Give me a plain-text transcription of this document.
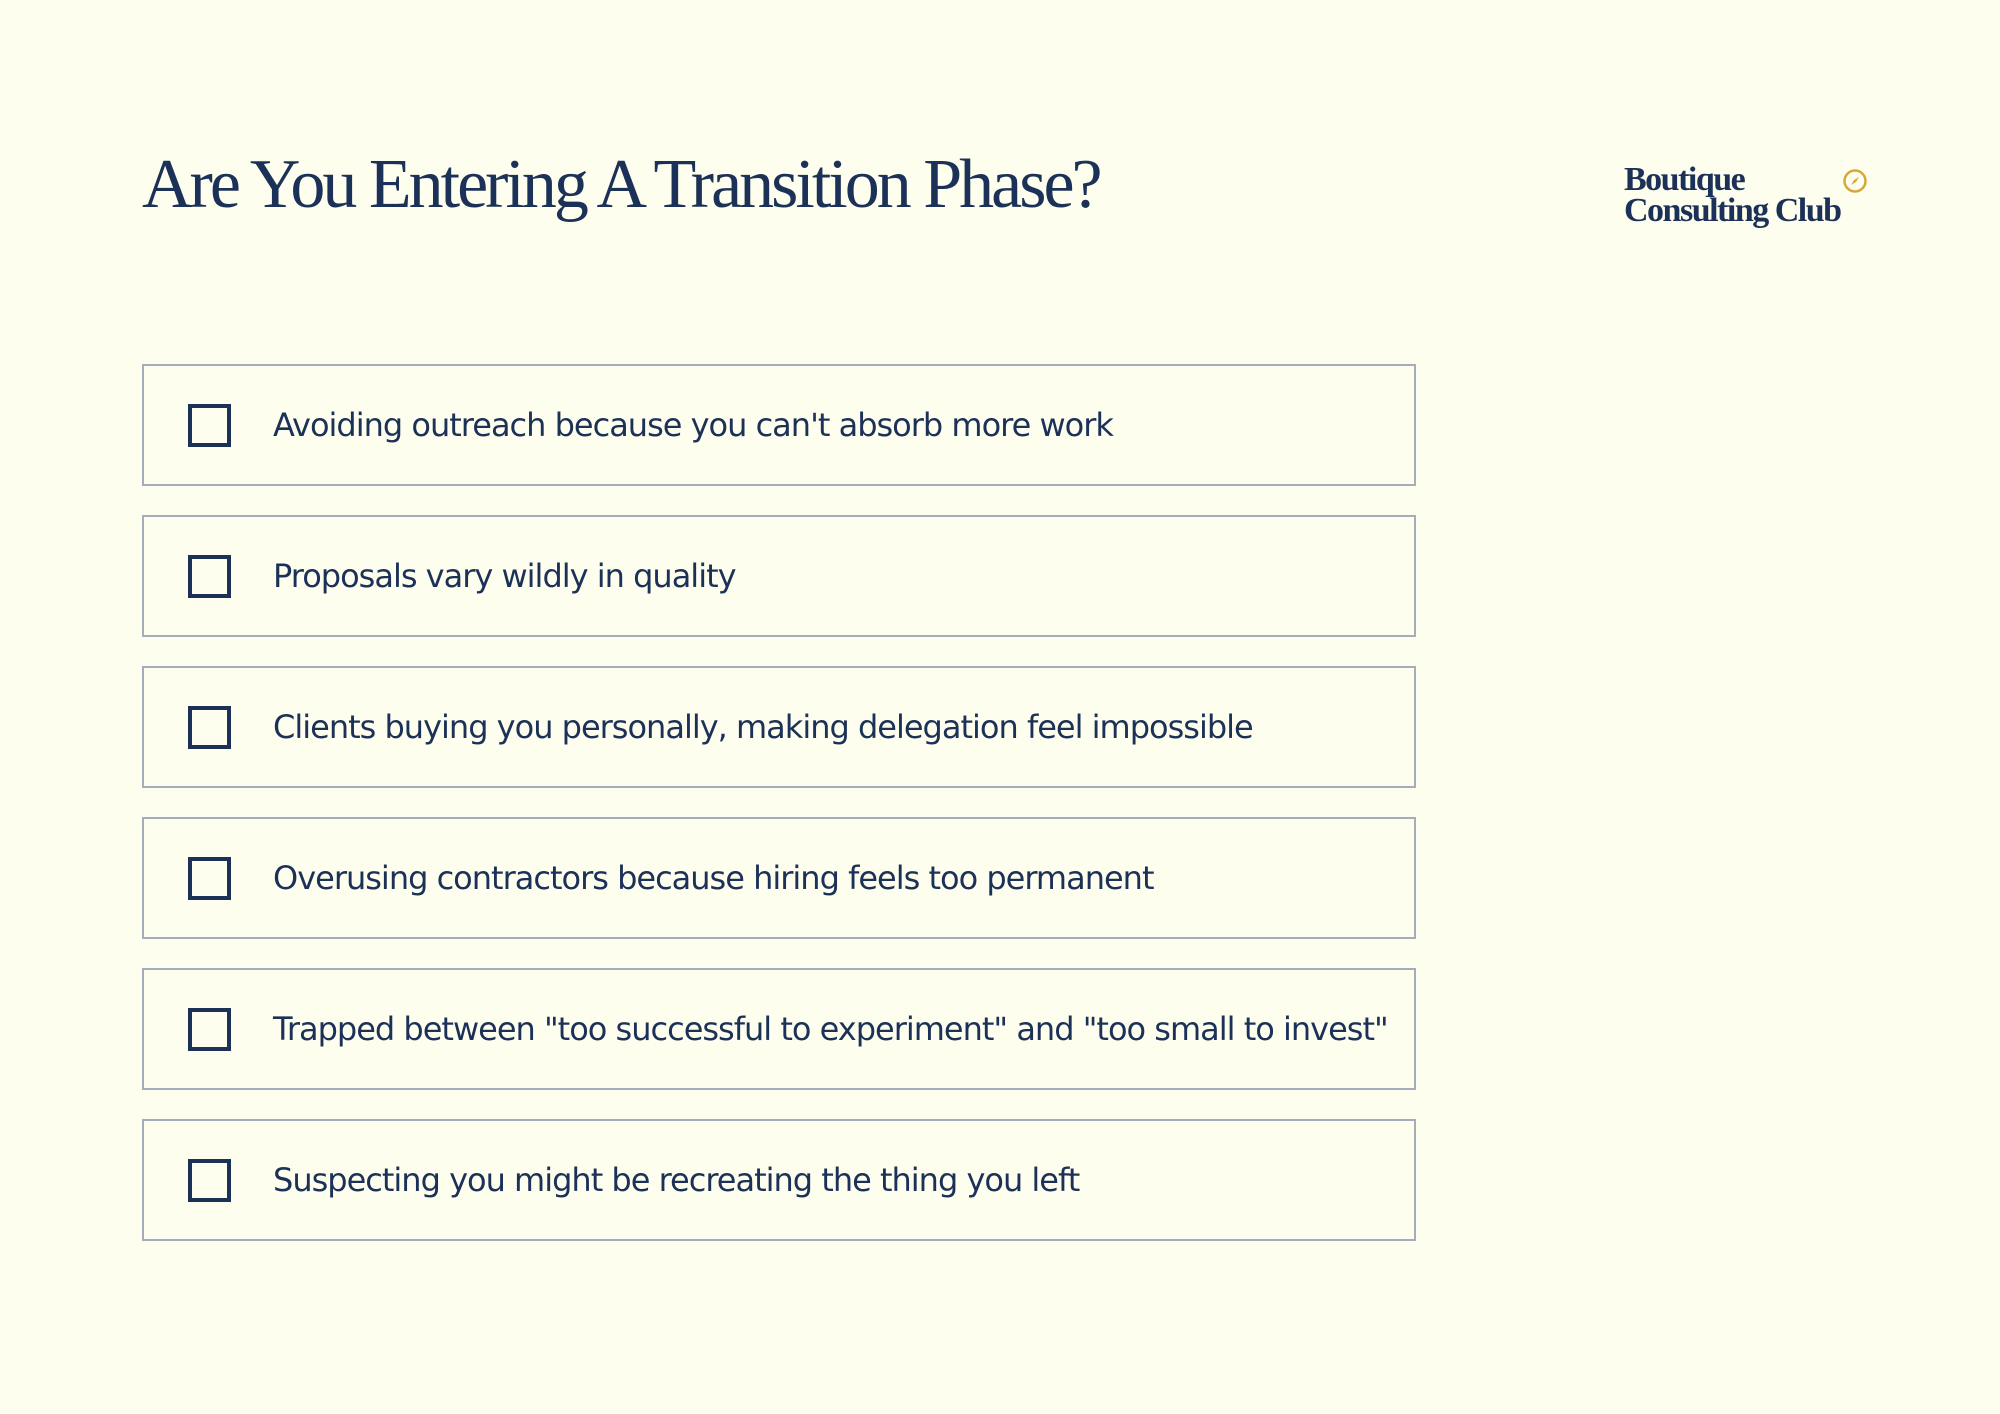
Are You Entering A Transition Phase?	Boutique
Consulting Club
Avoiding outreach because you can't absorb more work
Proposals vary wildly in quality
Clients buying you personally, making delegation feel impossible
Overusing contractors because hiring feels too permanent
Trapped between "too successful to experiment" and "too small to invest"
Suspecting you might be recreating the thing you left
